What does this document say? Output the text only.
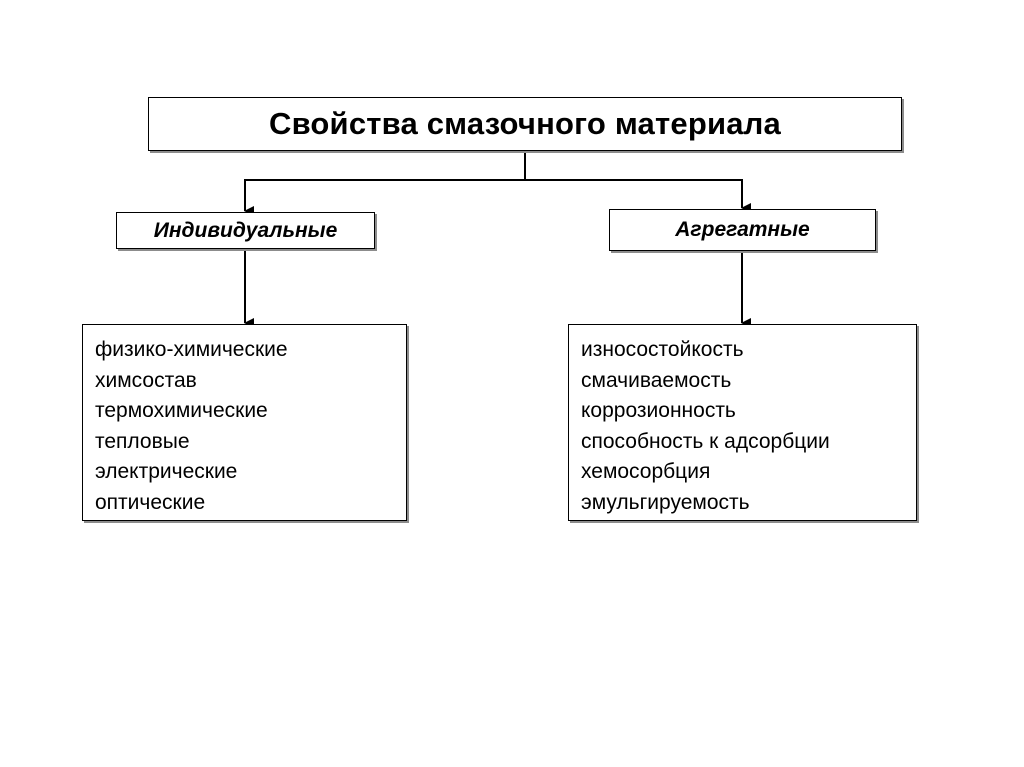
Свойства смазочного материала
Индивидуальные	Агрегатные
физико-химические
химсостав
термохимические
тепловые
электрические
оптические
износостойкость
смачиваемость
коррозионность
способность к адсорбции
хемосорбция
эмульгируемость
